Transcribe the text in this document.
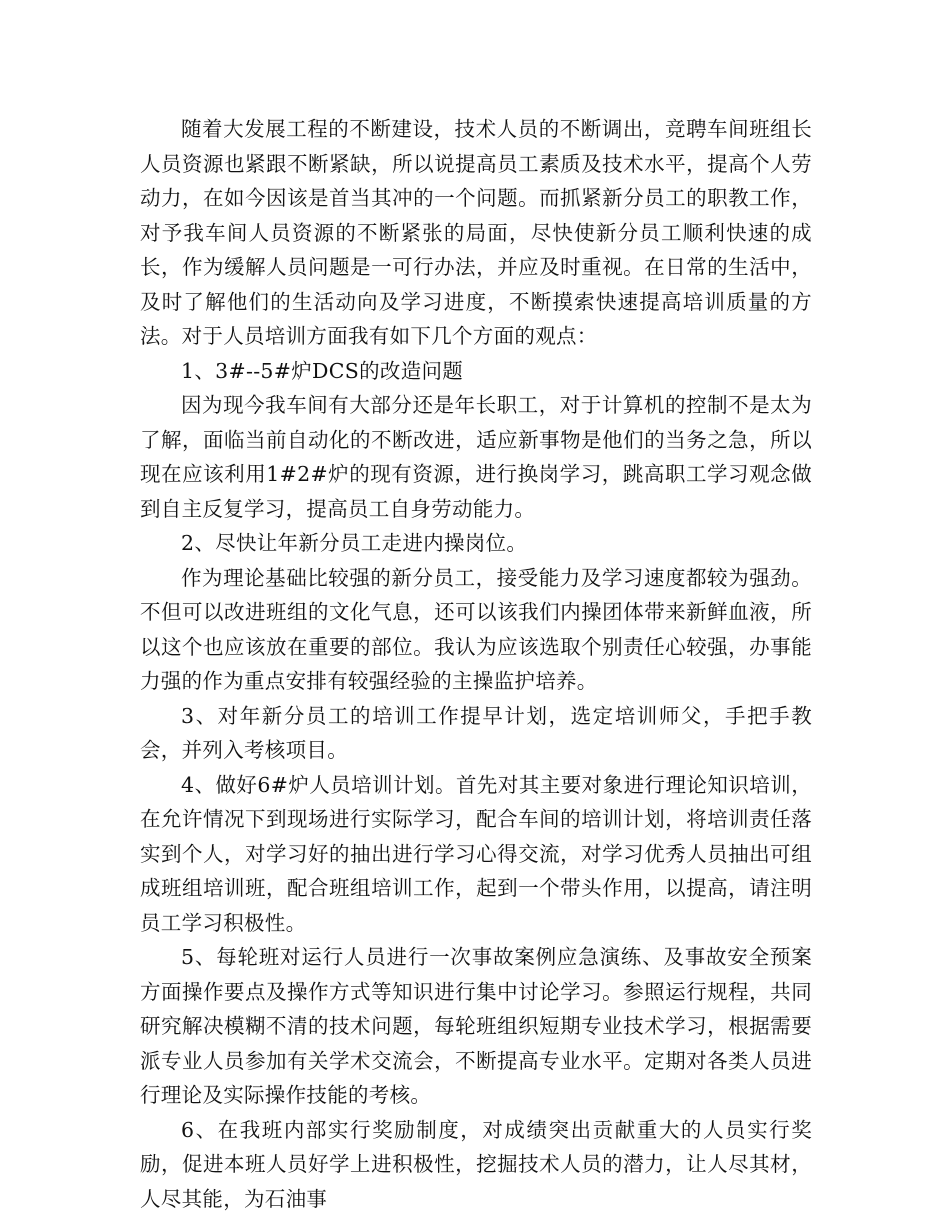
随着大发展工程的不断建设，技术人员的不断调出，竞聘车间班组长人员资源也紧跟不断紧缺，所以说提高员工素质及技术水平，提高个人劳动力，在如今因该是首当其冲的一个问题。而抓紧新分员工的职教工作，对予我车间人员资源的不断紧张的局面，尽快使新分员工顺利快速的成长，作为缓解人员问题是一可行办法，并应及时重视。在日常的生活中，及时了解他们的生活动向及学习进度，不断摸索快速提高培训质量的方法。对于人员培训方面我有如下几个方面的观点：

1、3#--5#炉DCS的改造问题

因为现今我车间有大部分还是年长职工，对于计算机的控制不是太为了解，面临当前自动化的不断改进，适应新事物是他们的当务之急，所以现在应该利用1#2#炉的现有资源，进行换岗学习，跳高职工学习观念做到自主反复学习，提高员工自身劳动能力。

2、尽快让年新分员工走进内操岗位。

作为理论基础比较强的新分员工，接受能力及学习速度都较为强劲。不但可以改进班组的文化气息，还可以该我们内操团体带来新鲜血液，所以这个也应该放在重要的部位。我认为应该选取个别责任心较强，办事能力强的作为重点安排有较强经验的主操监护培养。

3、对年新分员工的培训工作提早计划，选定培训师父，手把手教会，并列入考核项目。

4、做好6#炉人员培训计划。首先对其主要对象进行理论知识培训，在允许情况下到现场进行实际学习，配合车间的培训计划，将培训责任落实到个人，对学习好的抽出进行学习心得交流，对学习优秀人员抽出可组成班组培训班，配合班组培训工作，起到一个带头作用，以提高，请注明员工学习积极性。

5、每轮班对运行人员进行一次事故案例应急演练、及事故安全预案方面操作要点及操作方式等知识进行集中讨论学习。参照运行规程，共同研究解决模糊不清的技术问题，每轮班组织短期专业技术学习，根据需要派专业人员参加有关学术交流会，不断提高专业水平。定期对各类人员进行理论及实际操作技能的考核。

6、在我班内部实行奖励制度，对成绩突出贡献重大的人员实行奖励，促进本班人员好学上进积极性，挖掘技术人员的潜力，让人尽其材，人尽其能，为石油事
